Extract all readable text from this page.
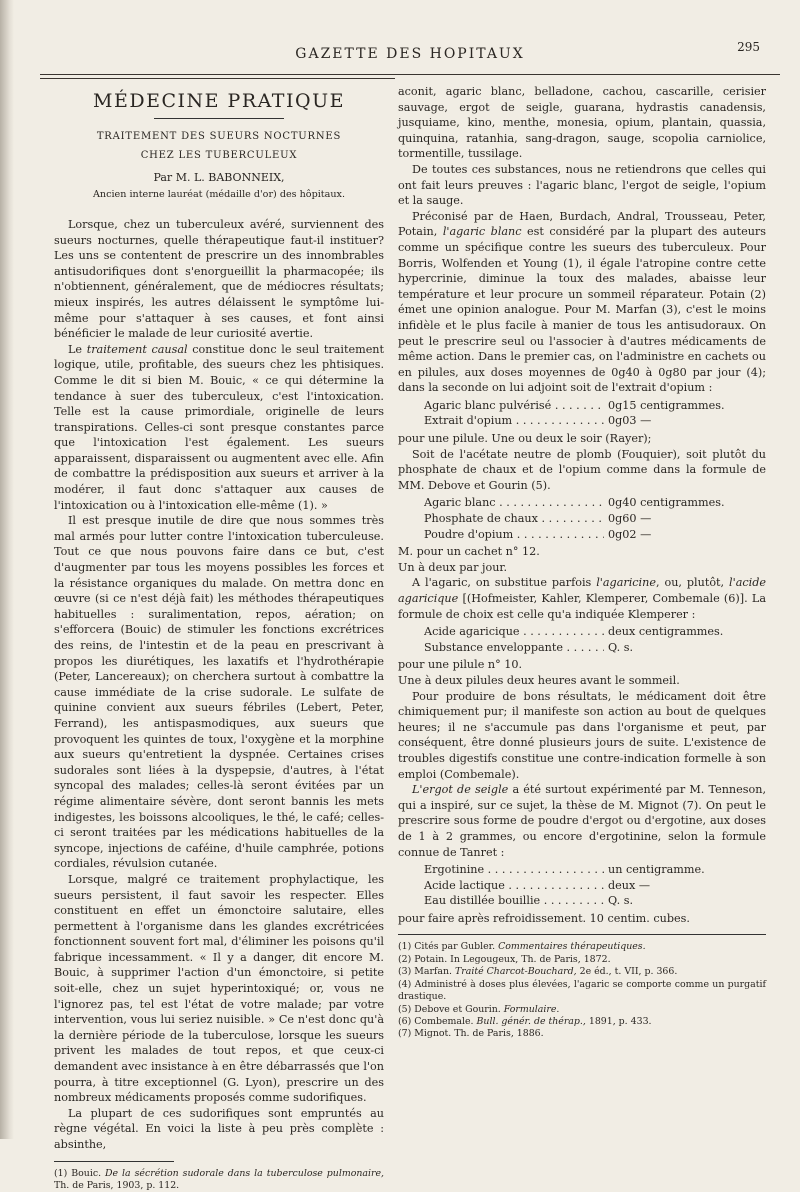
GAZETTE DES HOPITAUX	295
MÉDECINE PRATIQUE
TRAITEMENT DES SUEURS NOCTURNES
CHEZ LES TUBERCULEUX
Par M. L. BABONNEIX,
Ancien interne lauréat (médaille d'or) des hôpitaux.

Lorsque, chez un tuberculeux avéré, surviennent des sueurs nocturnes, quelle thérapeutique faut-il instituer? Les uns se contentent de prescrire un des innombrables antisudorifiques dont s'enorgueillit la pharmacopée; ils n'obtiennent, généralement, que de médiocres résultats; mieux inspirés, les autres délaissent le symptôme lui-même pour s'attaquer à ses causes, et font ainsi bénéficier le malade de leur curiosité avertie.

Le traitement causal constitue donc le seul traitement logique, utile, profitable, des sueurs chez les phtisiques. Comme le dit si bien M. Bouic, « ce qui détermine la tendance à suer des tuberculeux, c'est l'intoxication. Telle est la cause primordiale, originelle de leurs transpirations. Celles-ci sont presque constantes parce que l'intoxication l'est également. Les sueurs apparaissent, disparaissent ou augmentent avec elle. Afin de combattre la prédisposition aux sueurs et arriver à la modérer, il faut donc s'attaquer aux causes de l'intoxication ou à l'intoxication elle-même (1). »

Il est presque inutile de dire que nous sommes très mal armés pour lutter contre l'intoxication tuberculeuse. Tout ce que nous pouvons faire dans ce but, c'est d'augmenter par tous les moyens possibles les forces et la résistance organiques du malade. On mettra donc en œuvre (si ce n'est déjà fait) les méthodes thérapeutiques habituelles : suralimentation, repos, aération; on s'efforcera (Bouic) de stimuler les fonctions excrétrices des reins, de l'intestin et de la peau en prescrivant à propos les diurétiques, les laxatifs et l'hydrothérapie (Peter, Lancereaux); on cherchera surtout à combattre la cause immédiate de la crise sudorale. Le sulfate de quinine convient aux sueurs fébriles (Lebert, Peter, Ferrand), les antispasmodiques, aux sueurs que provoquent les quintes de toux, l'oxygène et la morphine aux sueurs qu'entretient la dyspnée. Certaines crises sudorales sont liées à la dyspepsie, d'autres, à l'état syncopal des malades; celles-là seront évitées par un régime alimentaire sévère, dont seront bannis les mets indigestes, les boissons alcooliques, le thé, le café; celles-ci seront traitées par les médications habituelles de la syncope, injections de caféine, d'huile camphrée, potions cordiales, révulsion cutanée.

Lorsque, malgré ce traitement prophylactique, les sueurs persistent, il faut savoir les respecter. Elles constituent en effet un émonctoire salutaire, elles permettent à l'organisme dans les glandes excrétricées fonctionnent souvent fort mal, d'éliminer les poisons qu'il fabrique incessamment. « Il y a danger, dit encore M. Bouic, à supprimer l'action d'un émonctoire, si petite soit-elle, chez un sujet hyperintoxiqué; or, vous ne l'ignorez pas, tel est l'état de votre malade; par votre intervention, vous lui seriez nuisible. » Ce n'est donc qu'à la dernière période de la tuberculose, lorsque les sueurs privent les malades de tout repos, et que ceux-ci demandent avec insistance à en être débarrassés que l'on pourra, à titre exceptionnel (G. Lyon), prescrire un des nombreux médicaments proposés comme sudorifiques.

La plupart de ces sudorifiques sont empruntés au règne végétal. En voici la liste à peu près complète : absinthe,

(1) Bouic. De la sécrétion sudorale dans la tuberculose pulmonaire, Th. de Paris, 1903, p. 112.

aconit, agaric blanc, belladone, cachou, cascarille, cerisier sauvage, ergot de seigle, guarana, hydrastis canadensis, jusquiame, kino, menthe, monesia, opium, plantain, quassia, quinquina, ratanhia, sang-dragon, sauge, scopolia carniolice, tormentille, tussilage.

De toutes ces substances, nous ne retiendrons que celles qui ont fait leurs preuves : l'agaric blanc, l'ergot de seigle, l'opium et la sauge.

Préconisé par de Haen, Burdach, Andral, Trousseau, Peter, Potain, l'agaric blanc est considéré par la plupart des auteurs comme un spécifique contre les sueurs des tuberculeux. Pour Borris, Wolfenden et Young (1), il égale l'atropine contre cette hypercrinie, diminue la toux des malades, abaisse leur température et leur procure un sommeil réparateur. Potain (2) émet une opinion analogue. Pour M. Marfan (3), c'est le moins infidèle et le plus facile à manier de tous les antisudoraux. On peut le prescrire seul ou l'associer à d'autres médicaments de même action. Dans le premier cas, on l'administre en cachets ou en pilules, aux doses moyennes de 0g40 à 0g80 par jour (4); dans la seconde on lui adjoint soit de l'extrait d'opium :

Agaric blanc pulvérisé . . .	0g15 centigrammes.
Extrait d'opium . . .	0g03 —

pour une pilule. Une ou deux le soir (Rayer);

Soit de l'acétate neutre de plomb (Fouquier), soit plutôt du phosphate de chaux et de l'opium comme dans la formule de MM. Debove et Gourin (5).

Agaric blanc . . .	0g40 centigrammes.
Phosphate de chaux . . .	0g60 —
Poudre d'opium . . .	0g02 —

M. pour un cachet n° 12.

Un à deux par jour.

A l'agaric, on substitue parfois l'agaricine, ou, plutôt, l'acide agaricique [(Hofmeister, Kahler, Klemperer, Combemale (6)]. La formule de choix est celle qu'a indiquée Klemperer :

Acide agaricique . . .	deux centigrammes.
Substance enveloppante . . .	Q. s.

pour une pilule n° 10.

Une à deux pilules deux heures avant le sommeil.

Pour produire de bons résultats, le médicament doit être chimiquement pur; il manifeste son action au bout de quelques heures; il ne s'accumule pas dans l'organisme et peut, par conséquent, être donné plusieurs jours de suite. L'existence de troubles digestifs constitue une contre-indication formelle à son emploi (Combemale).

L'ergot de seigle a été surtout expérimenté par M. Tenneson, qui a inspiré, sur ce sujet, la thèse de M. Mignot (7). On peut le prescrire sous forme de poudre d'ergot ou d'ergotine, aux doses de 1 à 2 grammes, ou encore d'ergotinine, selon la formule connue de Tanret :

Ergotinine . . .	un centigramme.
Acide lactique . . .	deux —
Eau distillée bouillie . . .	Q. s.

pour faire après refroidissement. 10 centim. cubes.

(1) Cités par Gubler. Commentaires thérapeutiques.
(2) Potain. In Legougeux, Th. de Paris, 1872.
(3) Marfan. Traité Charcot-Bouchard, 2e éd., t. VII, p. 366.
(4) Administré à doses plus élevées, l'agaric se comporte comme un purgatif drastique.
(5) Debove et Gourin. Formulaire.
(6) Combemale. Bull. génér. de thérap., 1891, p. 433.
(7) Mignot. Th. de Paris, 1886.
